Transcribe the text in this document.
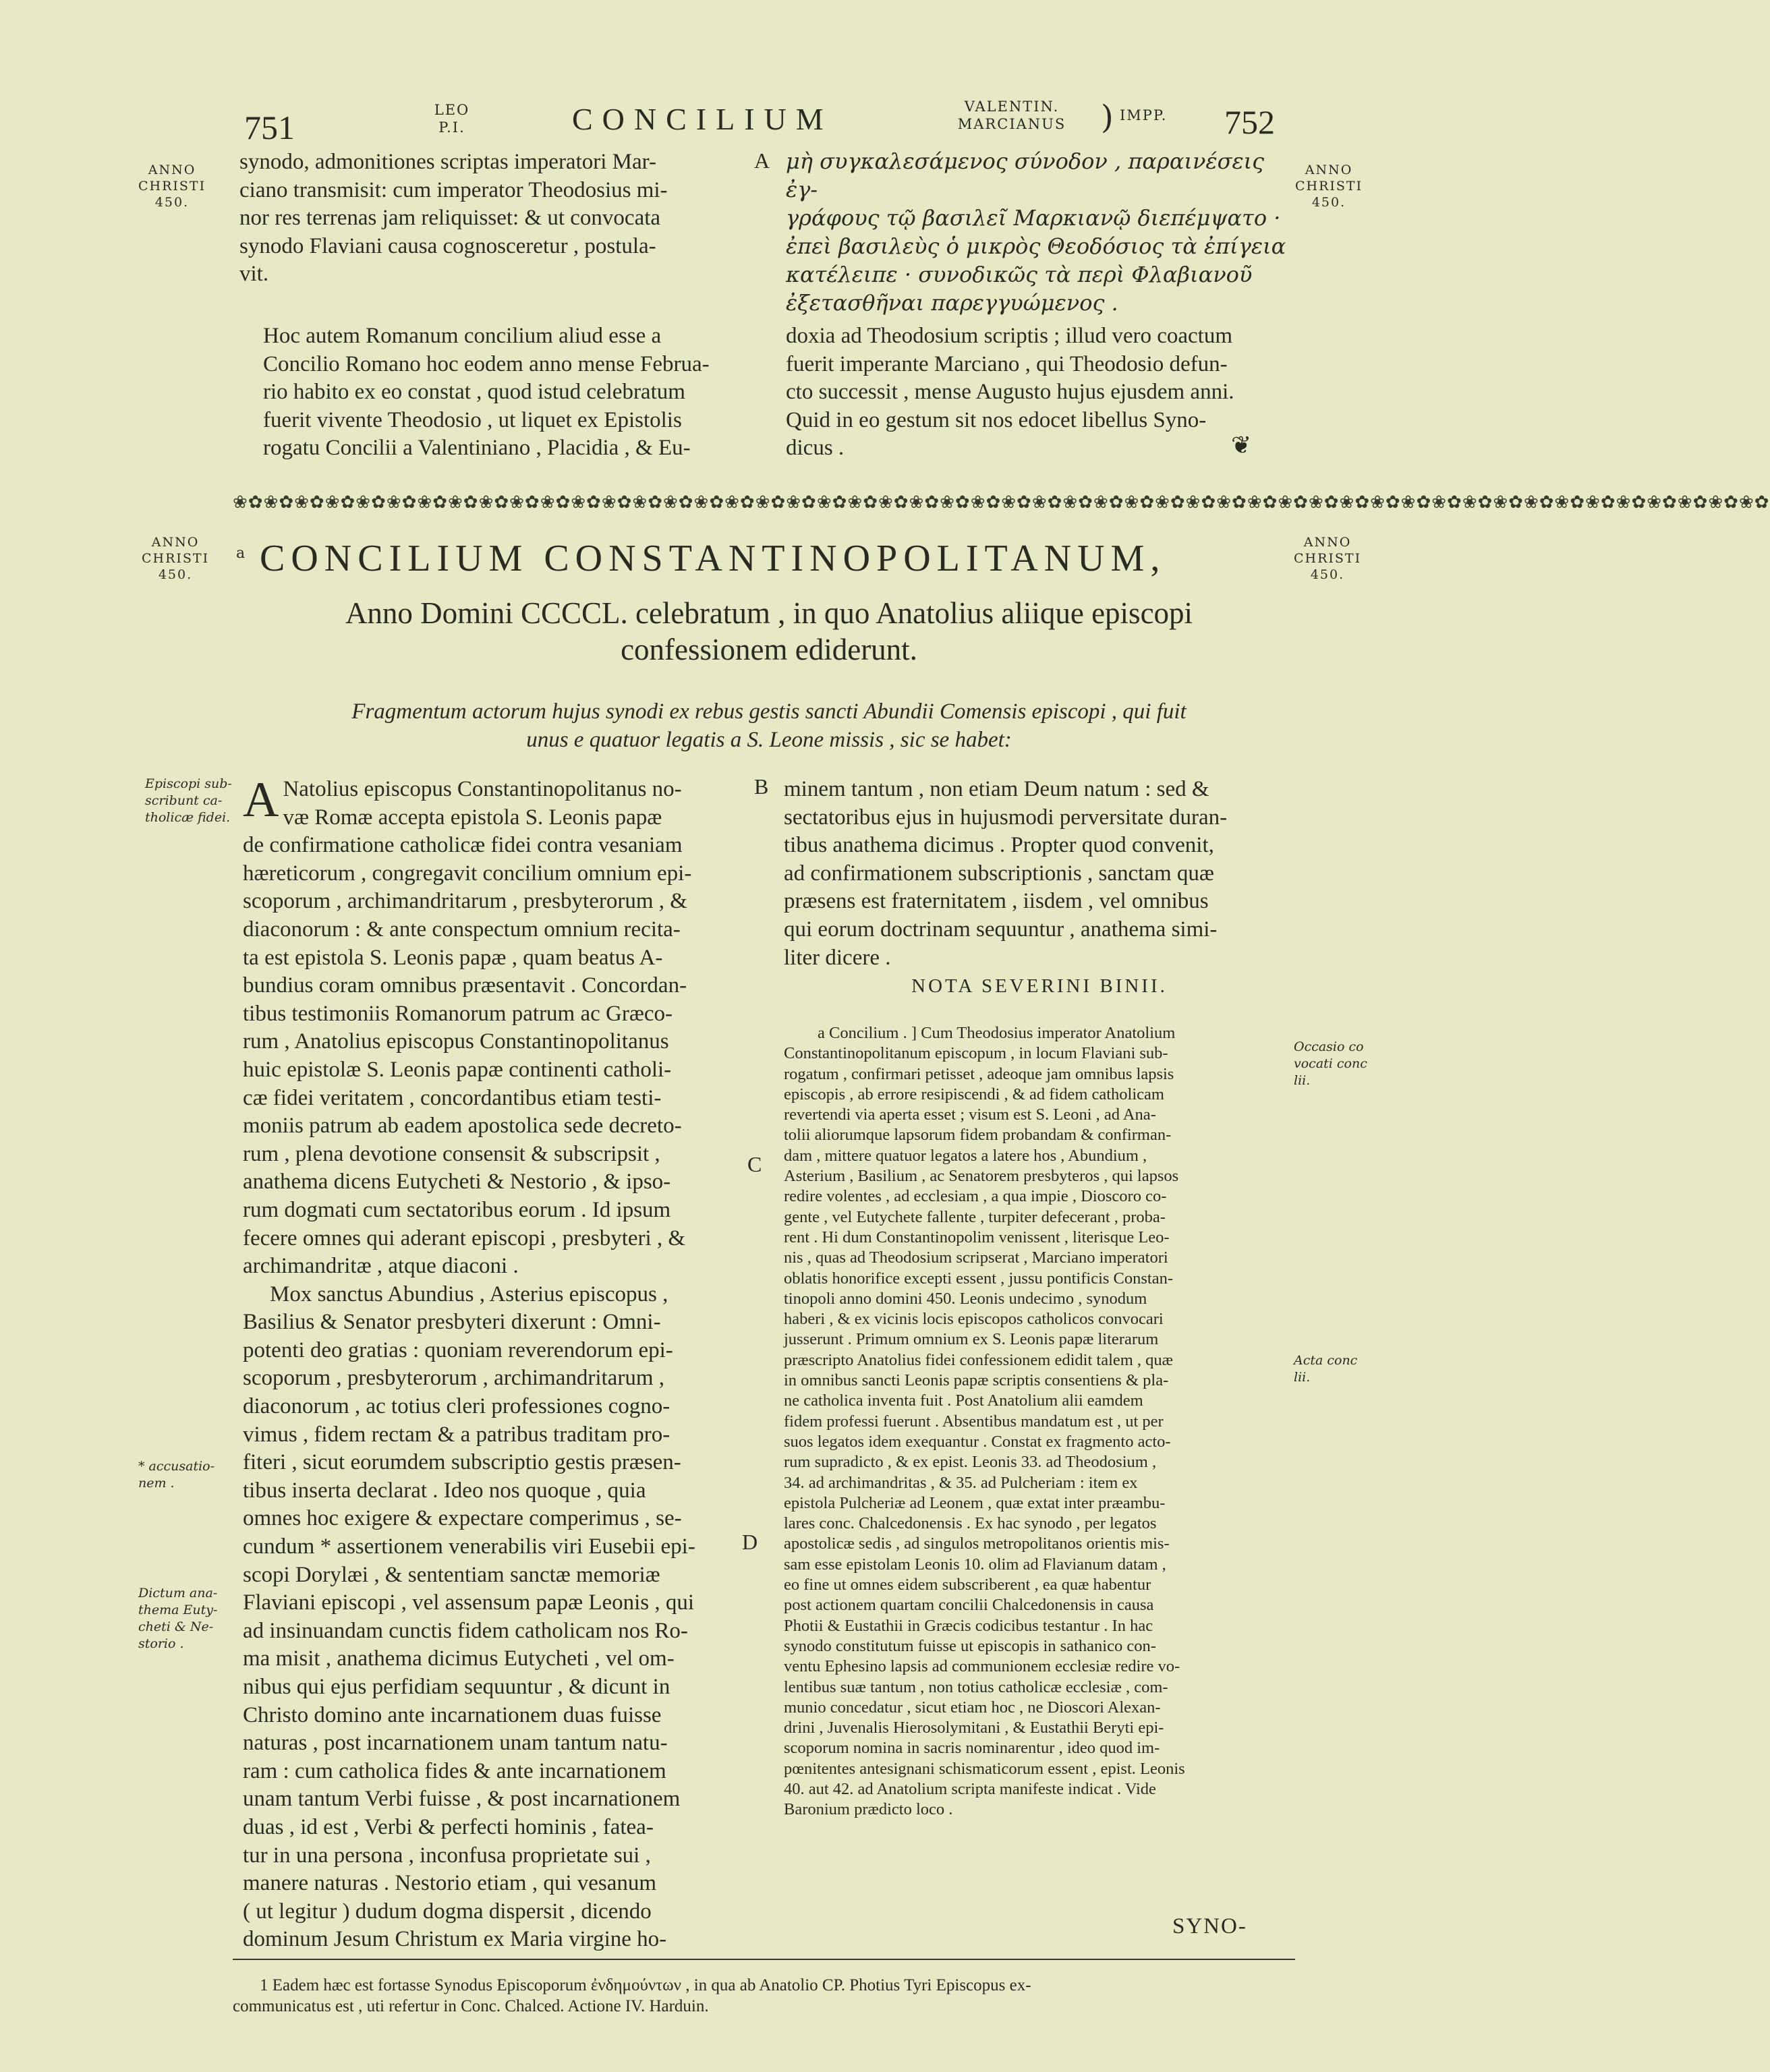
751	LEO
P.I.	CONCILIUM	VALENTIN.
MARCIANUS	) IMPP. 752
ANNO
CHRISTI
450.
ANNO
CHRISTI
450.
ANNO
CHRISTI
450.
ANNO
CHRISTI
450.
A
B
C
D
synodo, admonitiones scriptas imperatori Mar-
ciano transmisit: cum imperator Theodosius mi-
nor res terrenas jam reliquisset: & ut convocata
synodo Flaviani causa cognosceretur , postula-
vit.
μὴ συγκαλεσάμενος σύνοδον , παραινέσεις ἐγ-
γράφους τῷ βασιλεῖ Μαρκιανῷ διεπέμψατο ·
ἐπεὶ βασιλεὺς ὁ μικρὸς Θεοδόσιος τὰ ἐπίγεια
κατέλειπε · συνοδικῶς τὰ περὶ Φλαβιανοῦ
ἐξετασθῆναι παρεγγυώμενος .
Hoc autem Romanum concilium aliud esse a
Concilio Romano hoc eodem anno mense Februa-
rio habito ex eo constat , quod istud celebratum
fuerit vivente Theodosio , ut liquet ex Epistolis
rogatu Concilii a Valentiniano , Placidia , & Eu-
doxia ad Theodosium scriptis ; illud vero coactum
fuerit imperante Marciano , qui Theodosio defun-
cto successit , mense Augusto hujus ejusdem anni.
Quid in eo gestum sit nos edocet libellus Syno-
dicus .	❦
❀✿❀✿❀✿❀✿❀✿❀✿❀✿❀✿❀✿❀✿❀✿❀✿❀✿❀✿❀✿❀✿❀✿❀✿❀✿❀✿❀✿❀✿❀✿❀✿❀✿❀✿❀✿❀✿❀✿❀✿❀✿❀✿❀✿❀✿❀✿❀✿❀✿❀✿❀✿❀✿❀✿❀✿❀✿❀✿❀✿❀✿❀✿❀✿❀✿❀✿
a CONCILIUM CONSTANTINOPOLITANUM,
Anno Domini CCCCL. celebratum , in quo Anatolius aliique episcopi
confessionem ediderunt.
Fragmentum actorum hujus synodi ex rebus gestis sancti Abundii Comensis episcopi , qui fuit
unus e quatuor legatis a S. Leone missis , sic se habet:
Episcopi sub-
scribunt ca-
tholicæ fidei.
* accusatio-
nem .
Dictum ana-
thema Euty-
cheti & Ne-
storio .
Occasio co
vocati conc
lii.
Acta conc
lii.
A Natolius episcopus Constantinopolitanus no-
væ Romæ accepta epistola S. Leonis papæ
de confirmatione catholicæ fidei contra vesaniam
hæreticorum , congregavit concilium omnium epi-
scoporum , archimandritarum , presbyterorum , &
diaconorum : & ante conspectum omnium recita-
ta est epistola S. Leonis papæ , quam beatus A-
bundius coram omnibus præsentavit . Concordan-
tibus testimoniis Romanorum patrum ac Græco-
rum , Anatolius episcopus Constantinopolitanus
huic epistolæ S. Leonis papæ continenti catholi-
cæ fidei veritatem , concordantibus etiam testi-
moniis patrum ab eadem apostolica sede decreto-
rum , plena devotione consensit & subscripsit ,
anathema dicens Eutycheti & Nestorio , & ipso-
rum dogmati cum sectatoribus eorum . Id ipsum
fecere omnes qui aderant episcopi , presbyteri , &
archimandritæ , atque diaconi .
Mox sanctus Abundius , Asterius episcopus ,
Basilius & Senator presbyteri dixerunt : Omni-
potenti deo gratias : quoniam reverendorum epi-
scoporum , presbyterorum , archimandritarum ,
diaconorum , ac totius cleri professiones cogno-
vimus , fidem rectam & a patribus traditam pro-
fiteri , sicut eorumdem subscriptio gestis præsen-
tibus inserta declarat . Ideo nos quoque , quia
omnes hoc exigere & expectare comperimus , se-
cundum * assertionem venerabilis viri Eusebii epi-
scopi Dorylæi , & sententiam sanctæ memoriæ
Flaviani episcopi , vel assensum papæ Leonis , qui
ad insinuandam cunctis fidem catholicam nos Ro-
ma misit , anathema dicimus Eutycheti , vel om-
nibus qui ejus perfidiam sequuntur , & dicunt in
Christo domino ante incarnationem duas fuisse
naturas , post incarnationem unam tantum natu-
ram : cum catholica fides & ante incarnationem
unam tantum Verbi fuisse , & post incarnationem
duas , id est , Verbi & perfecti hominis , fatea-
tur in una persona , inconfusa proprietate sui ,
manere naturas . Nestorio etiam , qui vesanum
( ut legitur ) dudum dogma dispersit , dicendo
dominum Jesum Christum ex Maria virgine ho-
minem tantum , non etiam Deum natum : sed &
sectatoribus ejus in hujusmodi perversitate duran-
tibus anathema dicimus . Propter quod convenit,
ad confirmationem subscriptionis , sanctam quæ
præsens est fraternitatem , iisdem , vel omnibus
qui eorum doctrinam sequuntur , anathema simi-
liter dicere .
NOTA SEVERINI BINII.
a Concilium . ] Cum Theodosius imperator Anatolium
Constantinopolitanum episcopum , in locum Flaviani sub-
rogatum , confirmari petisset , adeoque jam omnibus lapsis
episcopis , ab errore resipiscendi , & ad fidem catholicam
revertendi via aperta esset ; visum est S. Leoni , ad Ana-
tolii aliorumque lapsorum fidem probandam & confirman-
dam , mittere quatuor legatos a latere hos , Abundium ,
Asterium , Basilium , ac Senatorem presbyteros , qui lapsos
redire volentes , ad ecclesiam , a qua impie , Dioscoro co-
gente , vel Eutychete fallente , turpiter defecerant , proba-
rent . Hi dum Constantinopolim venissent , literisque Leo-
nis , quas ad Theodosium scripserat , Marciano imperatori
oblatis honorifice excepti essent , jussu pontificis Constan-
tinopoli anno domini 450. Leonis undecimo , synodum
haberi , & ex vicinis locis episcopos catholicos convocari
jusserunt . Primum omnium ex S. Leonis papæ literarum
præscripto Anatolius fidei confessionem edidit talem , quæ
in omnibus sancti Leonis papæ scriptis consentiens & pla-
ne catholica inventa fuit . Post Anatolium alii eamdem
fidem professi fuerunt . Absentibus mandatum est , ut per
suos legatos idem exequantur . Constat ex fragmento acto-
rum supradicto , & ex epist. Leonis 33. ad Theodosium ,
34. ad archimandritas , & 35. ad Pulcheriam : item ex
epistola Pulcheriæ ad Leonem , quæ extat inter præambu-
lares conc. Chalcedonensis . Ex hac synodo , per legatos
apostolicæ sedis , ad singulos metropolitanos orientis mis-
sam esse epistolam Leonis 10. olim ad Flavianum datam ,
eo fine ut omnes eidem subscriberent , ea quæ habentur
post actionem quartam concilii Chalcedonensis in causa
Photii & Eustathii in Græcis codicibus testantur . In hac
synodo constitutum fuisse ut episcopis in sathanico con-
ventu Ephesino lapsis ad communionem ecclesiæ redire vo-
lentibus suæ tantum , non totius catholicæ ecclesiæ , com-
munio concedatur , sicut etiam hoc , ne Dioscori Alexan-
drini , Juvenalis Hierosolymitani , & Eustathii Beryti epi-
scoporum nomina in sacris nominarentur , ideo quod im-
pœnitentes antesignani schismaticorum essent , epist. Leonis
40. aut 42. ad Anatolium scripta manifeste indicat . Vide
Baronium prædicto loco .
SYNO-
1 Eadem hæc est fortasse Synodus Episcoporum ἐνδημούντων , in qua ab Anatolio CP. Photius Tyri Episcopus ex-
communicatus est , uti refertur in Conc. Chalced. Actione IV. Harduin.
